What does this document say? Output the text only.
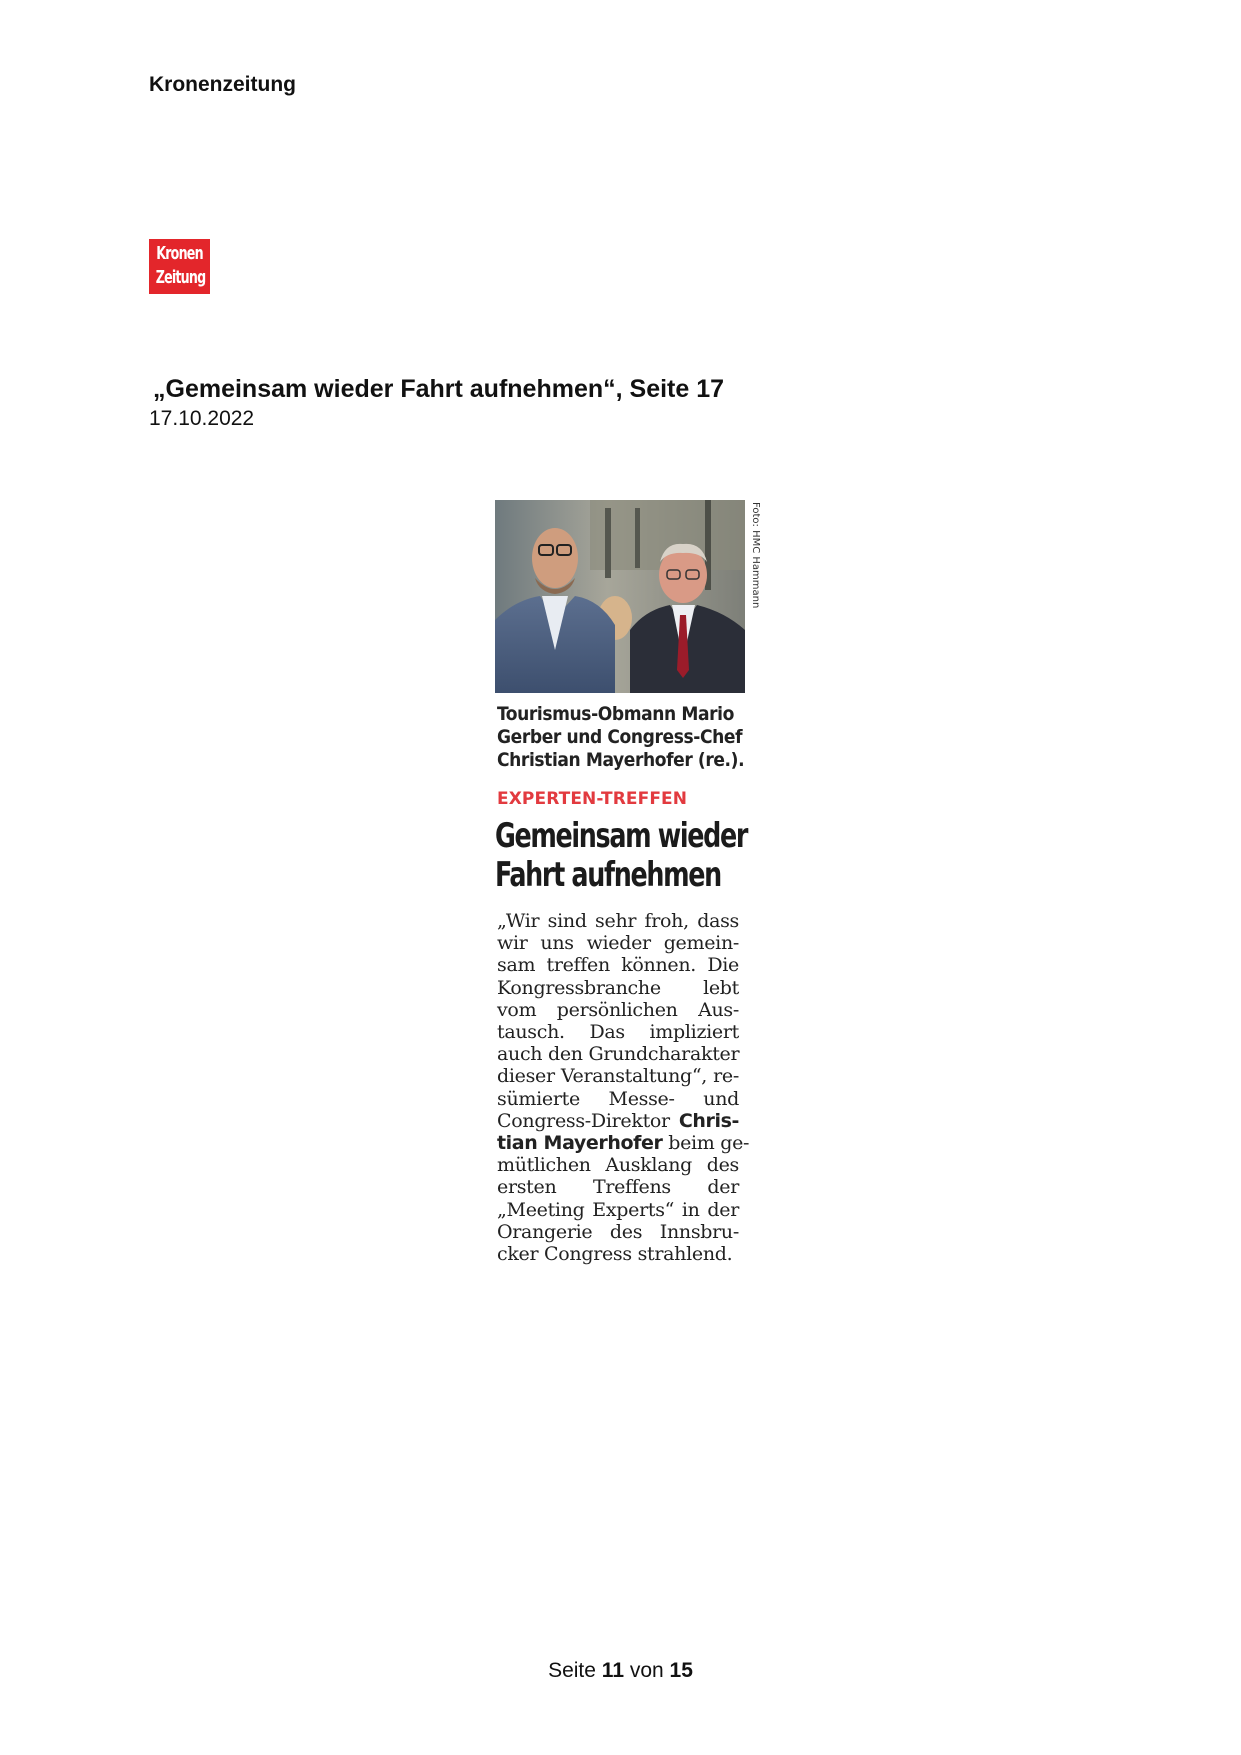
Kronenzeitung
Kronen
Zeitung
„Gemeinsam wieder Fahrt aufnehmen“, Seite 17
17.10.2022
Foto: HMC Hammann
Tourismus-Obmann Mario Gerber und Congress-Chef Christian Mayerhofer (re.).
EXPERTEN-TREFFEN
Gemeinsam wieder
Fahrt aufnehmen
„Wir sind sehr froh, dass
wir uns wieder gemein-
sam treffen können. Die
Kongressbranche lebt
vom persönlichen Aus-
tausch. Das impliziert
auch den Grundcharakter
dieser Veranstaltung“, re-
sümierte Messe- und
Congress-Direktor Chris-
tian Mayerhofer beim ge-
mütlichen Ausklang des
ersten Treffens der
„Meeting Experts“ in der
Orangerie des Innsbru-
cker Congress strahlend.
Seite 11 von 15
